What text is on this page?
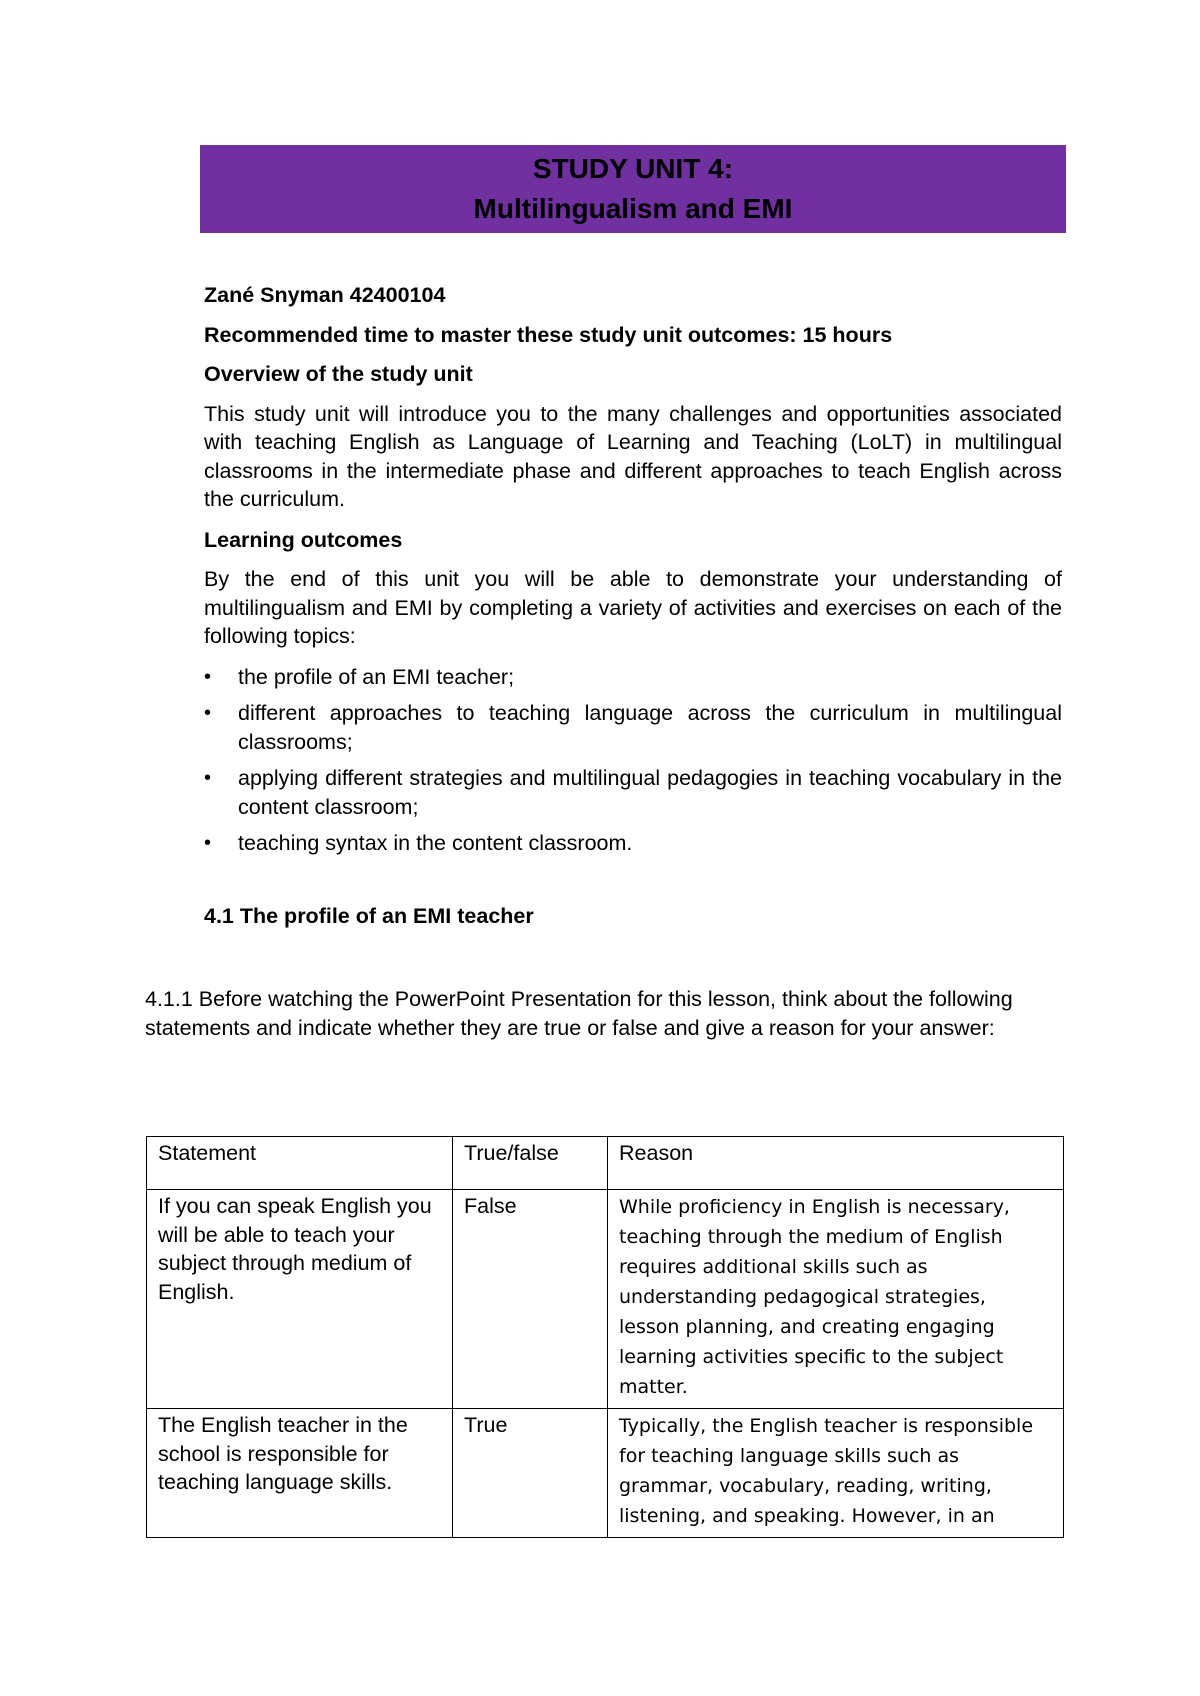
STUDY UNIT 4:
Multilingualism and EMI

Zané Snyman 42400104

Recommended time to master these study unit outcomes: 15 hours

Overview of the study unit

This study unit will introduce you to the many challenges and opportunities associated with teaching English as Language of Learning and Teaching (LoLT) in multilingual classrooms in the intermediate phase and different approaches to teach English across the curriculum.

Learning outcomes

By the end of this unit you will be able to demonstrate your understanding of multilingualism and EMI by completing a variety of activities and exercises on each of the following topics:

•	the profile of an EMI teacher;
•	different approaches to teaching language across the curriculum in multilingual classrooms;
•	applying different strategies and multilingual pedagogies in teaching vocabulary in the content classroom;
•	teaching syntax in the content classroom.
4.1 The profile of an EMI teacher

4.1.1 Before watching the PowerPoint Presentation for this lesson, think about the following statements and indicate whether they are true or false and give a reason for your answer:

Statement	True/false	Reason
If you can speak English you will be able to teach your subject through medium of English.	False	While proficiency in English is necessary, teaching through the medium of English requires additional skills such as understanding pedagogical strategies, lesson planning, and creating engaging learning activities specific to the subject matter.
The English teacher in the school is responsible for teaching language skills.	True	Typically, the English teacher is responsible for teaching language skills such as grammar, vocabulary, reading, writing, listening, and speaking. However, in an
